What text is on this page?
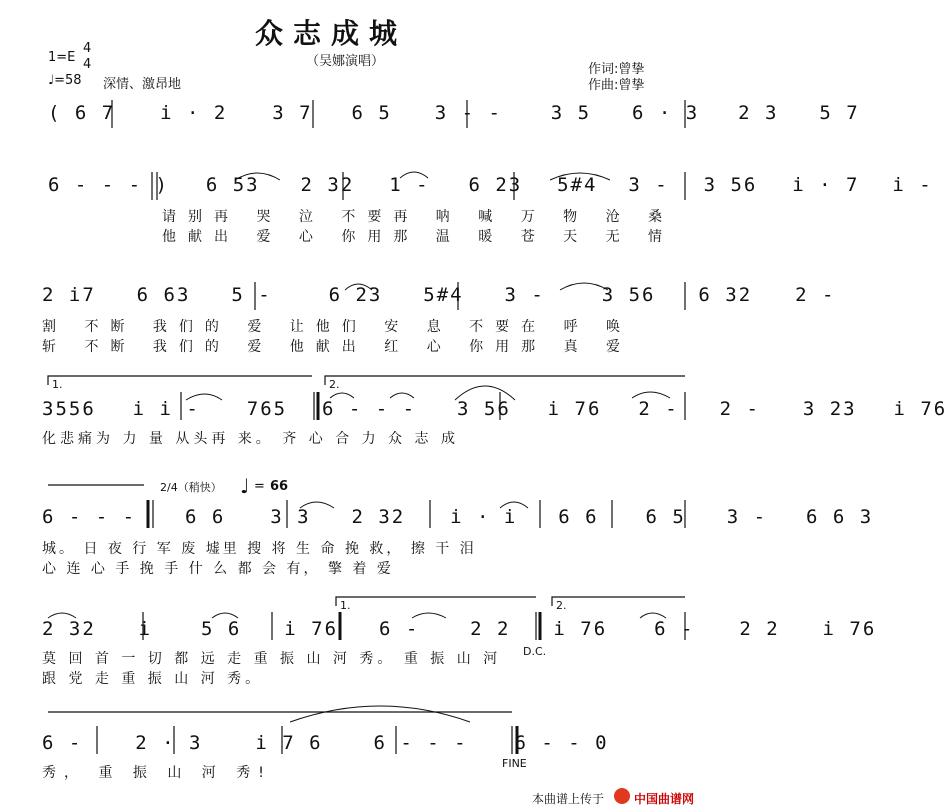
众志成城
（吴娜演唱）
1=E
4
4
♩=58 深情、激昂地
作词:曾挚
作曲:曾挚
( 6 7 i · 2 3 7 6 5 3 - -	3 5 6 · 3 2 3 5 7
6 - - - ) 6 53 2 32 1 - 6 23 5#4 3 - 3 56 i · 7 i -
请别再 哭 泣 不要再 呐 喊 万 物 沧 桑
他献出 爱 心 你用那 温 暖 苍 天 无 情
2 i7 6 63 5 -	6 23 5#4 3 -	3 56 6 32 2 -
割 不断 我们的 爱 让他们 安 息 不要在 呼 唤
斩 不断 我们的 爱 他献出 红 心 你用那 真 爱
1.	2.
3556 i i - 765 6 - - - 3 56 i 76 2 - 2 - 3 23 i 76
化悲痛为 力 量 从头再 来。 齐 心 合 力 众 志 成
2/4（稍快） ♩ = 66
6 - - -	6 6 3 3 2 32 i · i 6 6 6 5 3 - 6 6 3
城。 日 夜 行 军 废 墟里 搜 将 生 命 挽 救， 擦 干 泪
心 连 心 手 挽 手 什 么 都 会 有， 擎 着 爱
1.	2.
2 32 i	5 6 i 76 6 -	2 2 i 76 6 - 2 2 i 76
D.C.
莫 回 首 一 切 都 远 走 重 振 山 河 秀。 重 振 山 河
跟 党 走 重 振 山 河 秀。
6 -	2 · 3	i 7 6	6 - - - 6 - - 0
FINE
秀， 重 振 山 河 秀!
本曲谱上传于 中国曲谱网
